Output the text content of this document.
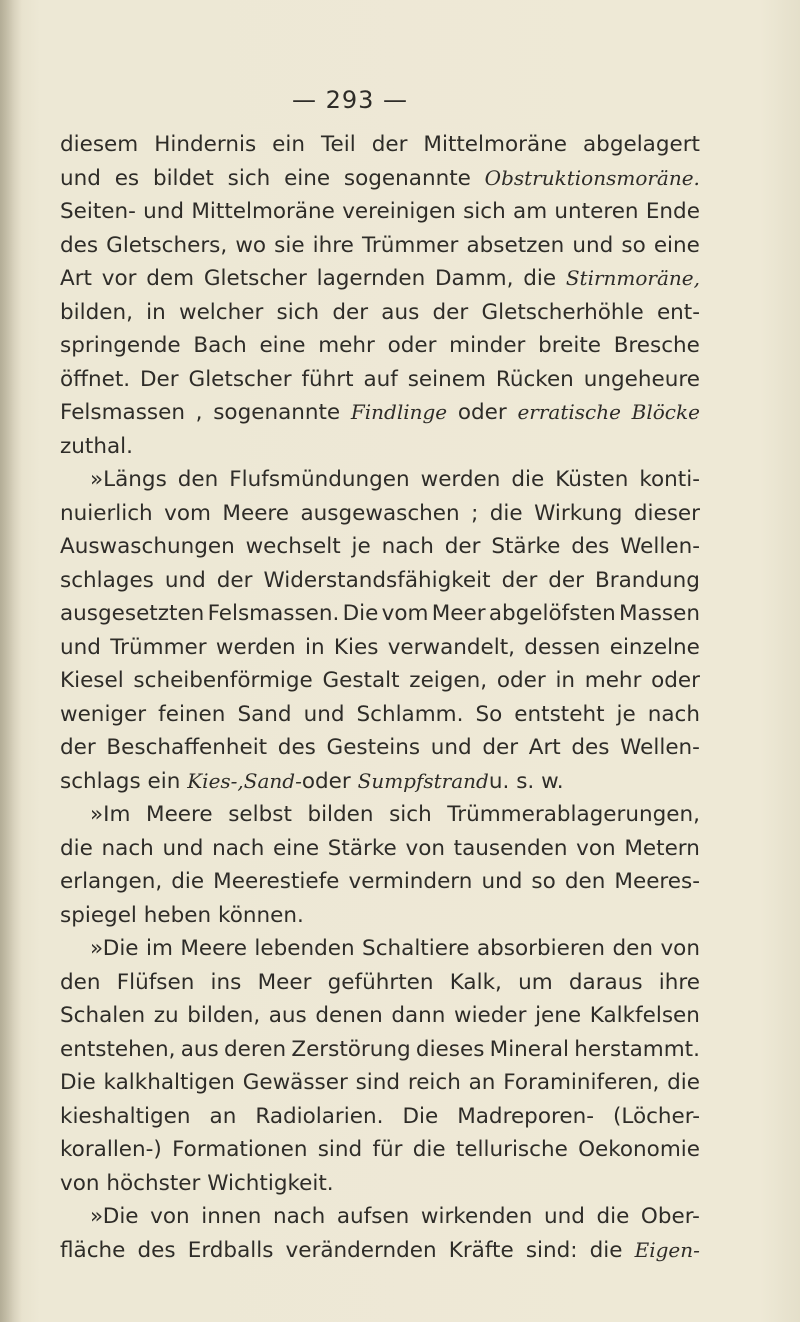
— 293 —
diesem Hindernis ein Teil der Mittelmoräne abgelagert
und es bildet sich eine sogenannte Obstruktionsmoräne.
Seiten- und Mittelmoräne vereinigen sich am unteren Ende
des Gletschers, wo sie ihre Trümmer absetzen und so eine
Art vor dem Gletscher lagernden Damm, die Stirnmoräne,
bilden, in welcher sich der aus der Gletscherhöhle ent-
springende Bach eine mehr oder minder breite Bresche
öffnet. Der Gletscher führt auf seinem Rücken ungeheure
Felsmassen , sogenannte Findlinge oder erratische Blöcke
zuthal.
»Längs den Flufsmündungen werden die Küsten konti-
nuierlich vom Meere ausgewaschen ; die Wirkung dieser
Auswaschungen wechselt je nach der Stärke des Wellen-
schlages und der Widerstandsfähigkeit der der Brandung
ausgesetzten Felsmassen. Die vom Meer abgelöfsten Massen
und Trümmer werden in Kies verwandelt, dessen einzelne
Kiesel scheibenförmige Gestalt zeigen, oder in mehr oder
weniger feinen Sand und Schlamm. So entsteht je nach
der Beschaffenheit des Gesteins und der Art des Wellen-
schlags ein Kies-, Sand- oder Sumpfstrand u. s. w.
»Im Meere selbst bilden sich Trümmerablagerungen,
die nach und nach eine Stärke von tausenden von Metern
erlangen, die Meerestiefe vermindern und so den Meeres-
spiegel heben können.
»Die im Meere lebenden Schaltiere absorbieren den von
den Flüfsen ins Meer geführten Kalk, um daraus ihre
Schalen zu bilden, aus denen dann wieder jene Kalkfelsen
entstehen, aus deren Zerstörung dieses Mineral herstammt.
Die kalkhaltigen Gewässer sind reich an Foraminiferen, die
kieshaltigen an Radiolarien. Die Madreporen- (Löcher-
korallen-) Formationen sind für die tellurische Oekonomie
von höchster Wichtigkeit.
»Die von innen nach aufsen wirkenden und die Ober-
fläche des Erdballs verändernden Kräfte sind: die Eigen-
